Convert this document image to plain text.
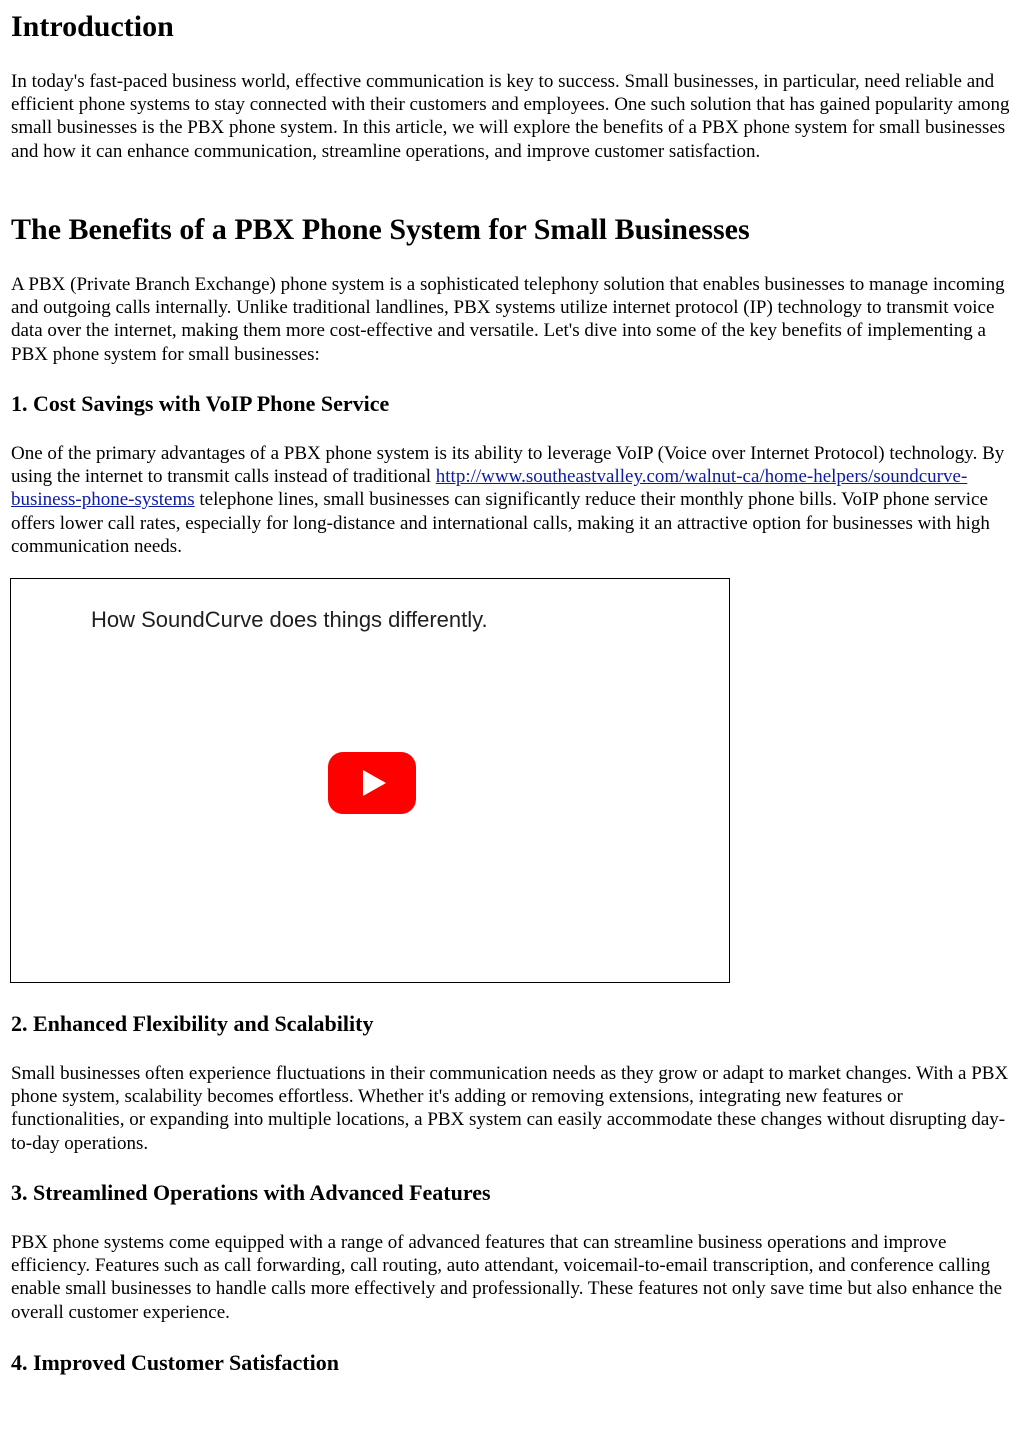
Introduction

In today's fast-paced business world, effective communication is key to success. Small businesses, in particular, need reliable and efficient phone systems to stay connected with their customers and employees. One such solution that has gained popularity among small businesses is the PBX phone system. In this article, we will explore the benefits of a PBX phone system for small businesses and how it can enhance communication, streamline operations, and improve customer satisfaction.

The Benefits of a PBX Phone System for Small Businesses

A PBX (Private Branch Exchange) phone system is a sophisticated telephony solution that enables businesses to manage incoming and outgoing calls internally. Unlike traditional landlines, PBX systems utilize internet protocol (IP) technology to transmit voice data over the internet, making them more cost-effective and versatile. Let's dive into some of the key benefits of implementing a PBX phone system for small businesses:

1. Cost Savings with VoIP Phone Service

One of the primary advantages of a PBX phone system is its ability to leverage VoIP (Voice over Internet Protocol) technology. By using the internet to transmit calls instead of traditional http://www.southeastvalley.com/walnut-ca/home-helpers/soundcurve-business-phone-systems telephone lines, small businesses can significantly reduce their monthly phone bills. VoIP phone service offers lower call rates, especially for long-distance and international calls, making it an attractive option for businesses with high communication needs.

How SoundCurve does things differently.
2. Enhanced Flexibility and Scalability

Small businesses often experience fluctuations in their communication needs as they grow or adapt to market changes. With a PBX phone system, scalability becomes effortless. Whether it's adding or removing extensions, integrating new features or functionalities, or expanding into multiple locations, a PBX system can easily accommodate these changes without disrupting day-to-day operations.

3. Streamlined Operations with Advanced Features

PBX phone systems come equipped with a range of advanced features that can streamline business operations and improve efficiency. Features such as call forwarding, call routing, auto attendant, voicemail-to-email transcription, and conference calling enable small businesses to handle calls more effectively and professionally. These features not only save time but also enhance the overall customer experience.

4. Improved Customer Satisfaction
